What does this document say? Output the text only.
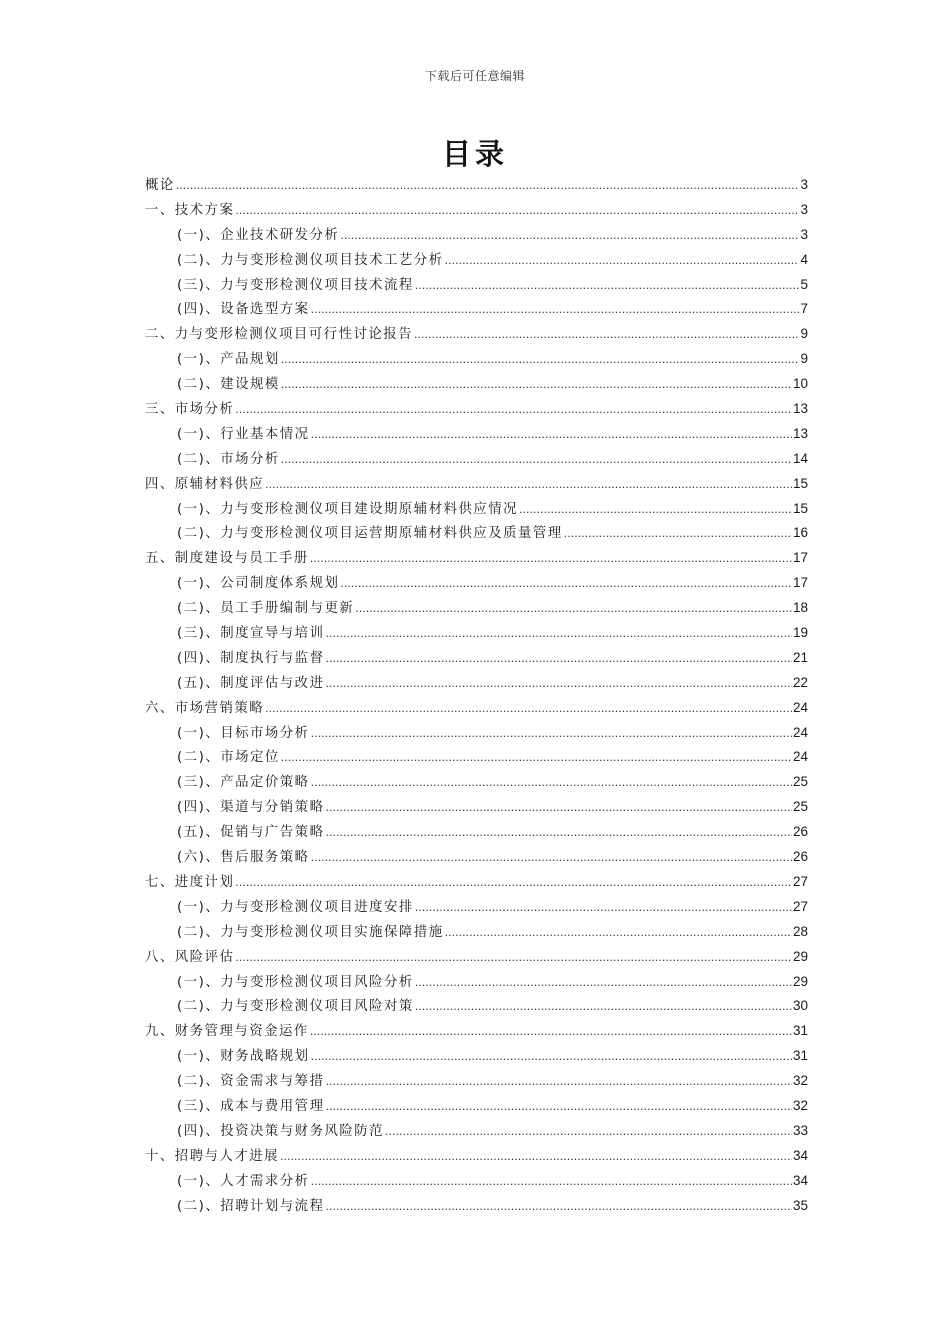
下载后可任意编辑
目录
概论 .....	3
一、技术方案 .....	3
(一)、企业技术研发分析 .....	3
(二)、力与变形检测仪项目技术工艺分析 .....	4
(三)、力与变形检测仪项目技术流程 .....	5
(四)、设备选型方案 .....	7
二、力与变形检测仪项目可行性讨论报告 .....	9
(一)、产品规划 .....	9
(二)、建设规模 .....	10
三、市场分析 .....	13
(一)、行业基本情况 .....	13
(二)、市场分析 .....	14
四、原辅材料供应 .....	15
(一)、力与变形检测仪项目建设期原辅材料供应情况 .....	15
(二)、力与变形检测仪项目运营期原辅材料供应及质量管理 .....	16
五、制度建设与员工手册 .....	17
(一)、公司制度体系规划 .....	17
(二)、员工手册编制与更新 .....	18
(三)、制度宣导与培训 .....	19
(四)、制度执行与监督 .....	21
(五)、制度评估与改进 .....	22
六、市场营销策略 .....	24
(一)、目标市场分析 .....	24
(二)、市场定位 .....	24
(三)、产品定价策略 .....	25
(四)、渠道与分销策略 .....	25
(五)、促销与广告策略 .....	26
(六)、售后服务策略 .....	26
七、进度计划 .....	27
(一)、力与变形检测仪项目进度安排 .....	27
(二)、力与变形检测仪项目实施保障措施 .....	28
八、风险评估 .....	29
(一)、力与变形检测仪项目风险分析 .....	29
(二)、力与变形检测仪项目风险对策 .....	30
九、财务管理与资金运作 .....	31
(一)、财务战略规划 .....	31
(二)、资金需求与筹措 .....	32
(三)、成本与费用管理 .....	32
(四)、投资决策与财务风险防范 .....	33
十、招聘与人才进展 .....	34
(一)、人才需求分析 .....	34
(二)、招聘计划与流程 .....	35
